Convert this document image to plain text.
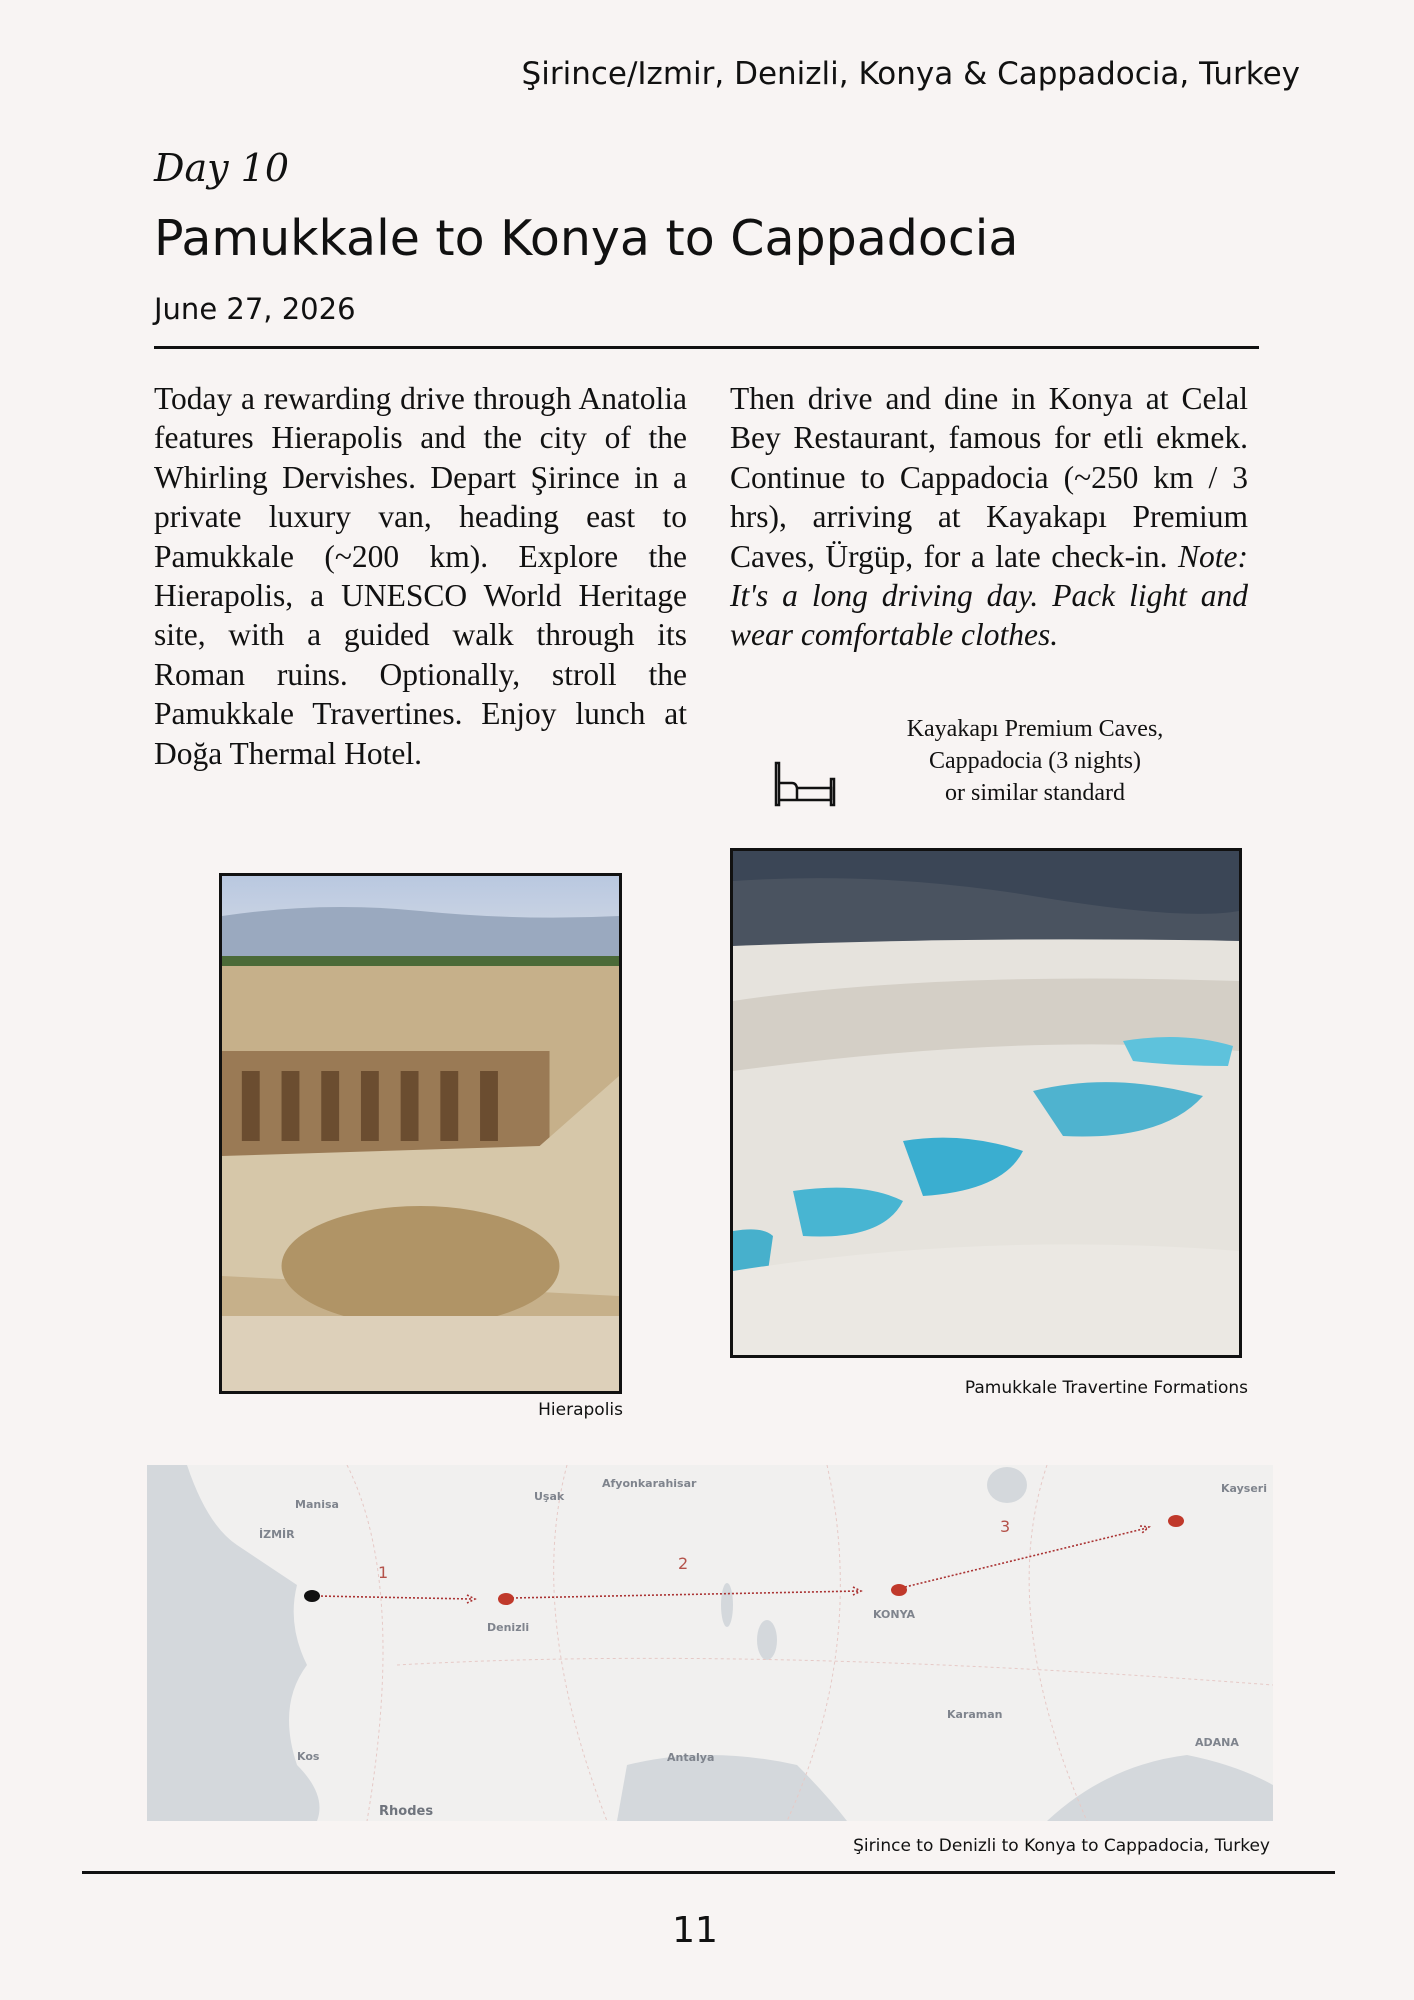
Şirince/Izmir, Denizli, Konya & Cappadocia, Turkey
Day 10
Pamukkale to Konya to Cappadocia
June 27, 2026
Today a rewarding drive through Anatolia features Hierapolis and the city of the Whirling Dervishes. Depart Şirince in a private luxury van, heading east to Pamukkale (~200 km). Explore the Hierapolis, a UNESCO World Heritage site, with a guided walk through its Roman ruins. Optionally, stroll the Pamukkale Travertines. Enjoy lunch at Doğa Thermal Hotel.
Then drive and dine in Konya at Celal Bey Restaurant, famous for etli ekmek. Continue to Cappadocia (~250 km / 3 hrs), arriving at Kayakapı Premium Caves, Ürgüp, for a late check-in. Note: It's a long driving day. Pack light and wear comfortable clothes.
Kayakapı Premium Caves,
Cappadocia (3 nights)
or similar standard
Hierapolis
Pamukkale Travertine Formations
Manisa
İZMİR
Uşak
Afyonkarahisar
Denizli
KONYA
Kayseri
Karaman
ADANA
Antalya
Kos
Rhodes
1	2
3
Şirince to Denizli to Konya to Cappadocia, Turkey
11
